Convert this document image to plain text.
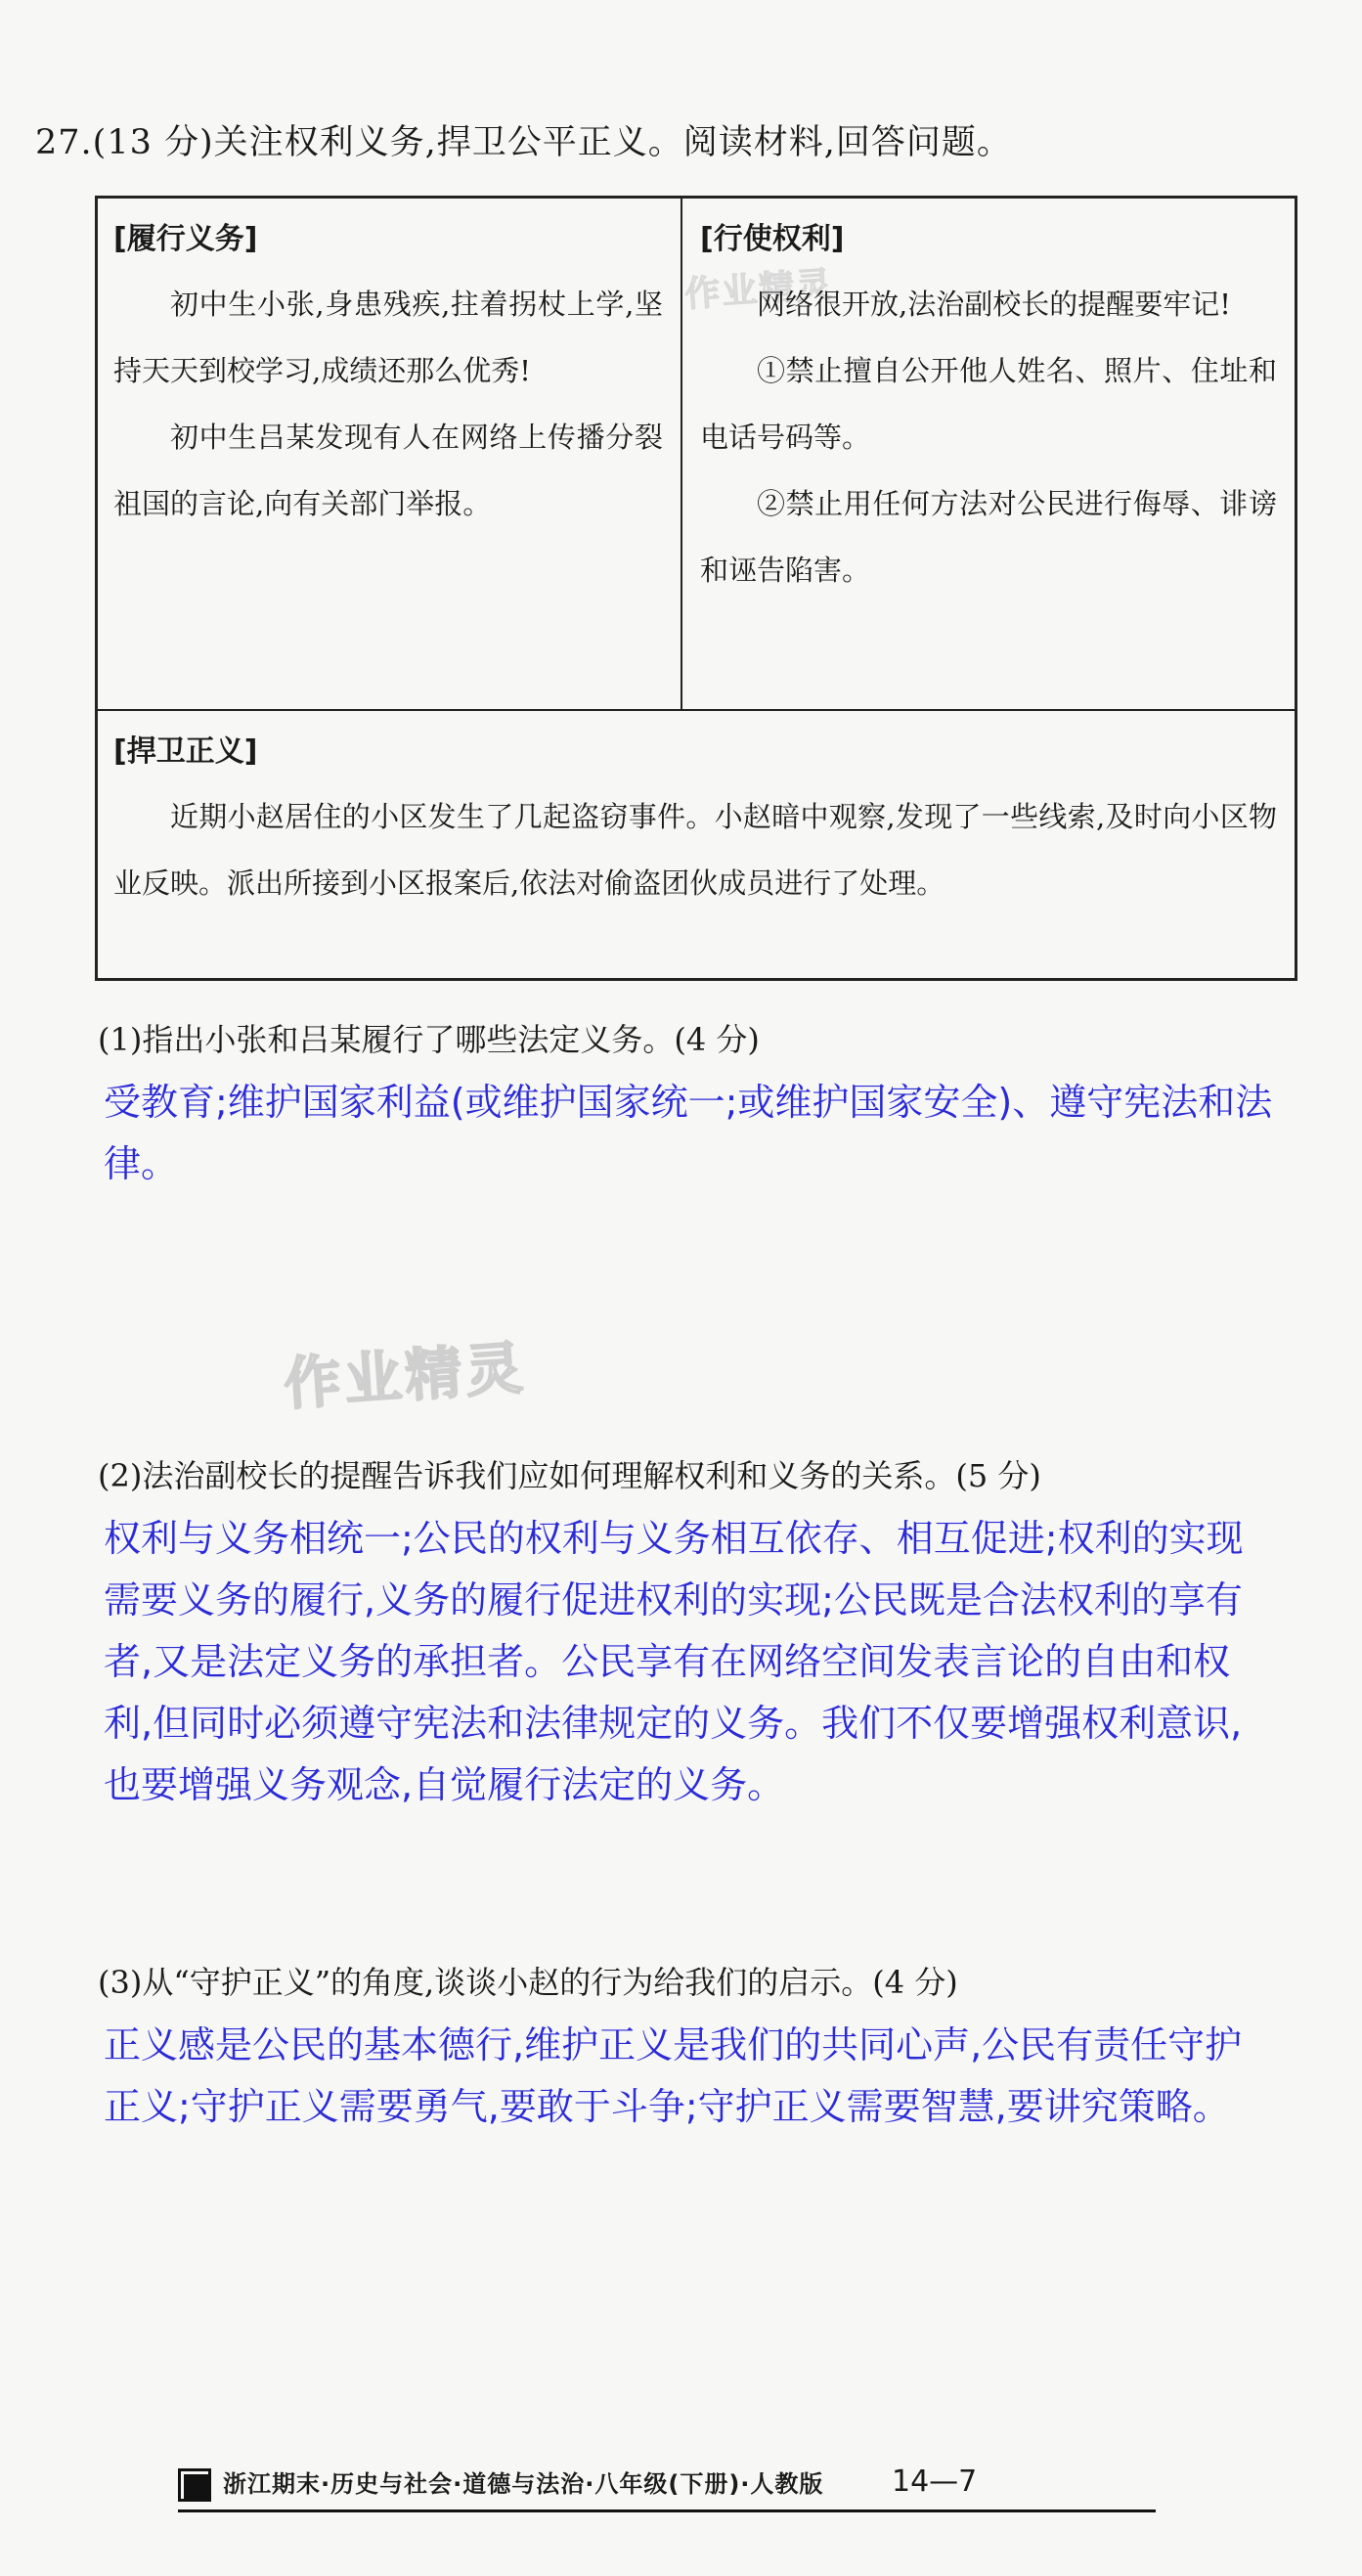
27.(13 分)关注权利义务,捍卫公平正义。阅读材料,回答问题。
作业精灵
[履行义务]

初中生小张,身患残疾,拄着拐杖上学,坚持天天到校学习,成绩还那么优秀!

初中生吕某发现有人在网络上传播分裂祖国的言论,向有关部门举报。

[行使权利]

网络很开放,法治副校长的提醒要牢记!

①禁止擅自公开他人姓名、照片、住址和电话号码等。

②禁止用任何方法对公民进行侮辱、诽谤和诬告陷害。

[捍卫正义]

近期小赵居住的小区发生了几起盗窃事件。小赵暗中观察,发现了一些线索,及时向小区物业反映。派出所接到小区报案后,依法对偷盗团伙成员进行了处理。

(1)指出小张和吕某履行了哪些法定义务。(4 分)

受教育;维护国家利益(或维护国家统一;或维护国家安全)、遵守宪法和法律。

作业精灵
(2)法治副校长的提醒告诉我们应如何理解权利和义务的关系。(5 分)

权利与义务相统一;公民的权利与义务相互依存、相互促进;权利的实现需要义务的履行,义务的履行促进权利的实现;公民既是合法权利的享有者,又是法定义务的承担者。公民享有在网络空间发表言论的自由和权利,但同时必须遵守宪法和法律规定的义务。我们不仅要增强权利意识,也要增强义务观念,自觉履行法定的义务。

(3)从“守护正义”的角度,谈谈小赵的行为给我们的启示。(4 分)

正义感是公民的基本德行,维护正义是我们的共同心声,公民有责任守护正义;守护正义需要勇气,要敢于斗争;守护正义需要智慧,要讲究策略。

浙江期末·历史与社会·道德与法治·八年级(下册)·人教版 14—7
